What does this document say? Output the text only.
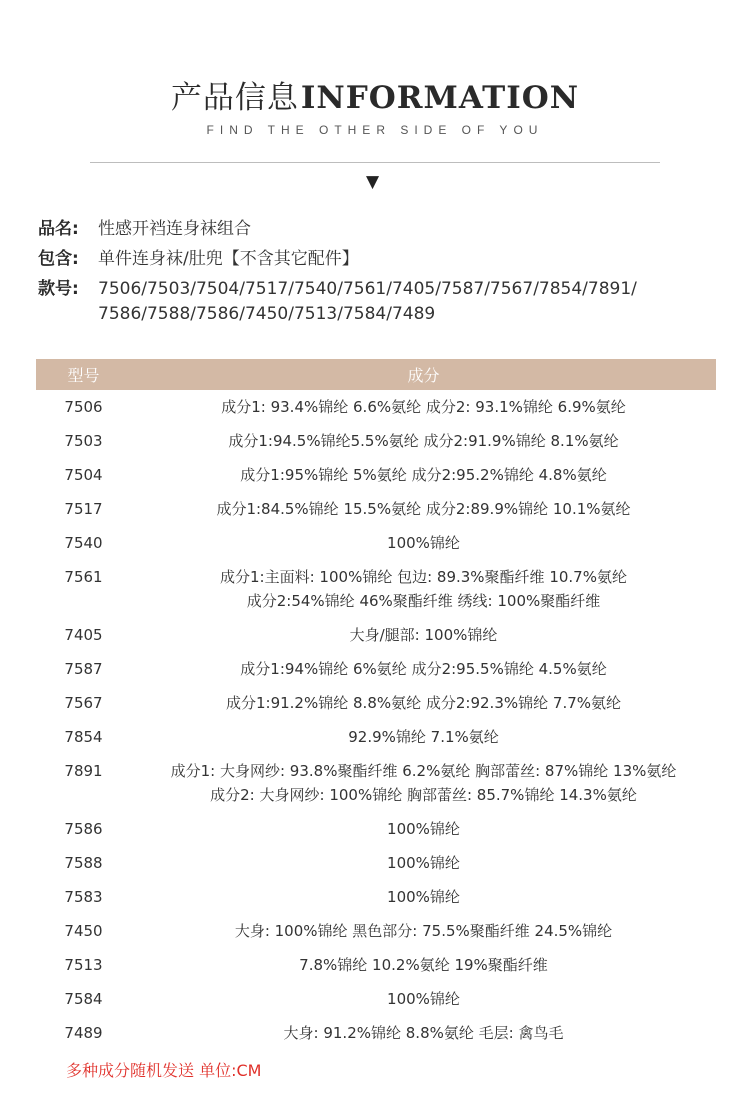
产品信息INFORMATION
FIND THE OTHER SIDE OF YOU
▼
品名:	性感开裆连身袜组合
包含:	单件连身袜/肚兜【不含其它配件】
款号:	7506/7503/7504/7517/7540/7561/7405/7587/7567/7854/7891/
7586/7588/7586/7450/7513/7584/7489
型号	成分
7506	成分1: 93.4%锦纶 6.6%氨纶 成分2: 93.1%锦纶 6.9%氨纶

7503	成分1:94.5%锦纶5.5%氨纶 成分2:91.9%锦纶 8.1%氨纶

7504	成分1:95%锦纶 5%氨纶 成分2:95.2%锦纶 4.8%氨纶

7517	成分1:84.5%锦纶 15.5%氨纶 成分2:89.9%锦纶 10.1%氨纶

7540	100%锦纶

7561	成分1:主面料: 100%锦纶 包边: 89.3%聚酯纤维 10.7%氨纶
成分2:54%锦纶 46%聚酯纤维 绣线: 100%聚酯纤维

7405	大身/腿部: 100%锦纶

7587	成分1:94%锦纶 6%氨纶 成分2:95.5%锦纶 4.5%氨纶

7567	成分1:91.2%锦纶 8.8%氨纶 成分2:92.3%锦纶 7.7%氨纶

7854	92.9%锦纶 7.1%氨纶

7891	成分1: 大身网纱: 93.8%聚酯纤维 6.2%氨纶 胸部蕾丝: 87%锦纶 13%氨纶
成分2: 大身网纱: 100%锦纶 胸部蕾丝: 85.7%锦纶 14.3%氨纶

7586	100%锦纶

7588	100%锦纶

7583	100%锦纶

7450	大身: 100%锦纶 黑色部分: 75.5%聚酯纤维 24.5%锦纶

7513	7.8%锦纶 10.2%氨纶 19%聚酯纤维

7584	100%锦纶

7489	大身: 91.2%锦纶 8.8%氨纶 毛层: 禽鸟毛
多种成分随机发送 单位:CM
